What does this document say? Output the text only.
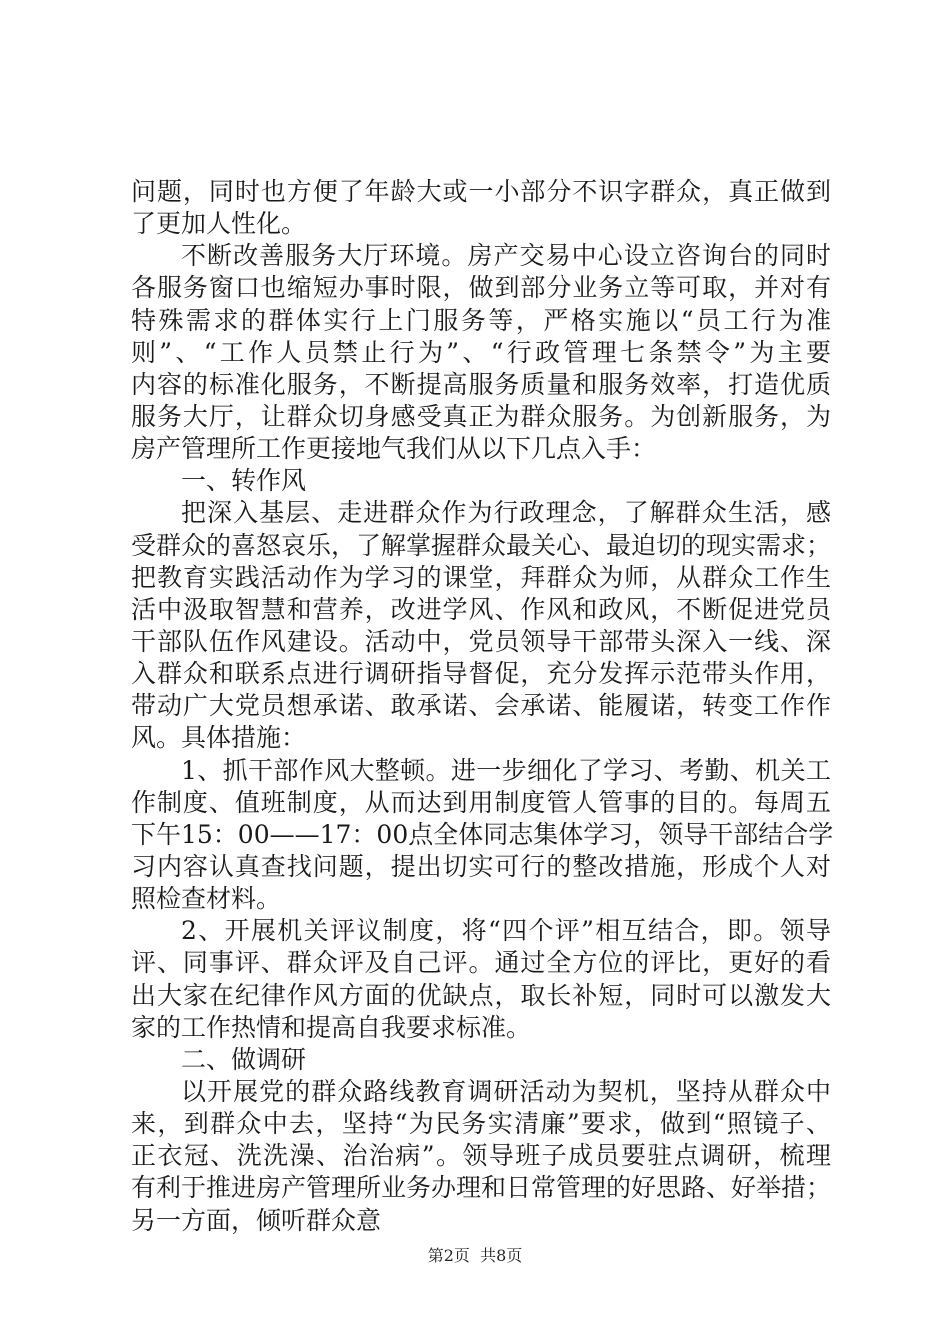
问题，同时也方便了年龄大或一小部分不识字群众，真正做到
了更加人性化。
不断改善服务大厅环境。房产交易中心设立咨询台的同时
各服务窗口也缩短办事时限，做到部分业务立等可取，并对有
特殊需求的群体实行上门服务等，严格实施以“员工行为准
则”、“工作人员禁止行为”、“行政管理七条禁令”为主要
内容的标准化服务，不断提高服务质量和服务效率，打造优质
服务大厅，让群众切身感受真正为群众服务。为创新服务，为
房产管理所工作更接地气我们从以下几点入手：
一、转作风
把深入基层、走进群众作为行政理念，了解群众生活，感
受群众的喜怒哀乐，了解掌握群众最关心、最迫切的现实需求；
把教育实践活动作为学习的课堂，拜群众为师，从群众工作生
活中汲取智慧和营养，改进学风、作风和政风，不断促进党员
干部队伍作风建设。活动中，党员领导干部带头深入一线、深
入群众和联系点进行调研指导督促，充分发挥示范带头作用，
带动广大党员想承诺、敢承诺、会承诺、能履诺，转变工作作
风。具体措施：
1、抓干部作风大整顿。进一步细化了学习、考勤、机关工
作制度、值班制度，从而达到用制度管人管事的目的。每周五
下午15：00——17：00点全体同志集体学习，领导干部结合学
习内容认真查找问题，提出切实可行的整改措施，形成个人对
照检查材料。
2、开展机关评议制度，将“四个评”相互结合，即。领导
评、同事评、群众评及自己评。通过全方位的评比，更好的看
出大家在纪律作风方面的优缺点，取长补短，同时可以激发大
家的工作热情和提高自我要求标准。
二、做调研
以开展党的群众路线教育调研活动为契机，坚持从群众中
来，到群众中去，坚持“为民务实清廉”要求，做到“照镜子、
正衣冠、洗洗澡、治治病”。领导班子成员要驻点调研，梳理
有利于推进房产管理所业务办理和日常管理的好思路、好举措；
另一方面，倾听群众意
第2页  共8页
